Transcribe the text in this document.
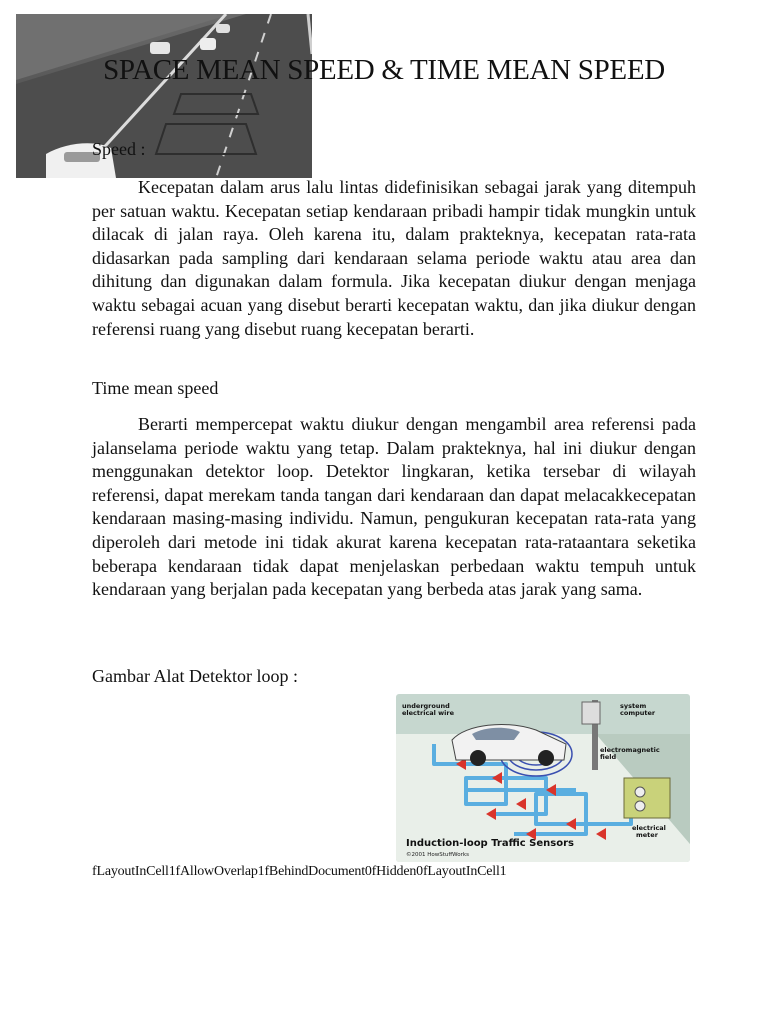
SPACE MEAN SPEED & TIME MEAN SPEED
Speed :

Kecepatan dalam arus lalu lintas didefinisikan sebagai jarak yang ditempuh per satuan waktu. Kecepatan setiap kendaraan pribadi hampir tidak mungkin untuk dilacak di jalan raya. Oleh karena itu, dalam prakteknya, kecepatan rata-rata didasarkan pada sampling dari kendaraan selama periode waktu atau area dan dihitung dan digunakan dalam formula. Jika kecepatan diukur dengan menjaga waktu sebagai acuan yang disebut berarti kecepatan waktu, dan jika diukur dengan referensi ruang yang disebut ruang kecepatan berarti.

Time mean speed

Berarti mempercepat waktu diukur dengan mengambil area referensi pada jalanselama periode waktu yang tetap. Dalam prakteknya, hal ini diukur dengan menggunakan detektor loop. Detektor lingkaran, ketika tersebar di wilayah referensi, dapat merekam tanda tangan dari kendaraan dan dapat melacakkecepatan kendaraan masing-masing individu. Namun, pengukuran kecepatan rata-rata yang diperoleh dari metode ini tidak akurat karena kecepatan rata-rataantara seketika beberapa kendaraan tidak dapat menjelaskan perbedaan waktu tempuh untuk kendaraan yang berjalan pada kecepatan yang berbeda atas jarak yang sama.

Gambar Alat Detektor loop :
underground
electrical wire
system
computer
electromagnetic
field
electrical
meter
Induction-loop Traffic Sensors
©2001 HowStuffWorks
fLayoutInCell1fAllowOverlap1fBehindDocument0fHidden0fLayoutInCell1
